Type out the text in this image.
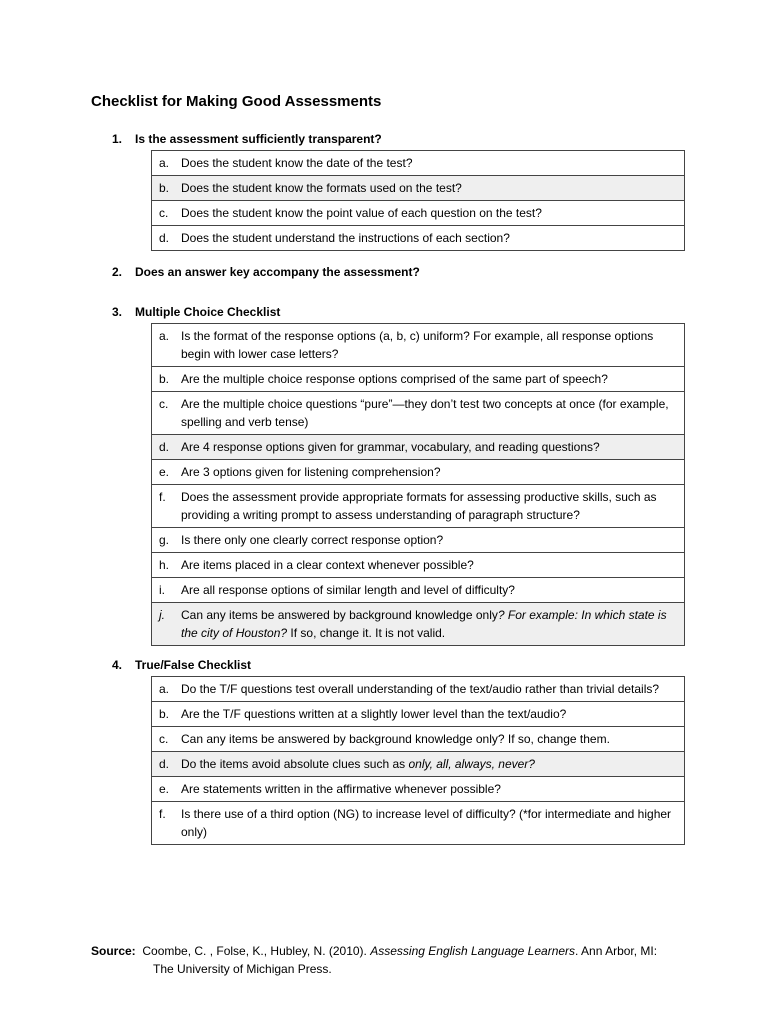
Checklist for Making Good Assessments
1.	Is the assessment sufficiently transparent?
a.	Does the student know the date of the test?
b.	Does the student know the formats used on the test?
c.	Does the student know the point value of each question on the test?
d.	Does the student understand the instructions of each section?
2.	Does an answer key accompany the assessment?
3.	Multiple Choice Checklist
a.	Is the format of the response options (a, b, c) uniform? For example, all response options begin with lower case letters?
b.	Are the multiple choice response options comprised of the same part of speech?
c.	Are the multiple choice questions “pure”—they don’t test two concepts at once (for example, spelling and verb tense)
d.	Are 4 response options given for grammar, vocabulary, and reading questions?
e.	Are 3 options given for listening comprehension?
f.	Does the assessment provide appropriate formats for assessing productive skills, such as providing a writing prompt to assess understanding of paragraph structure?
g.	Is there only one clearly correct response option?
h.	Are items placed in a clear context whenever possible?
i.	Are all response options of similar length and level of difficulty?
j.	Can any items be answered by background knowledge only? For example: In which state is the city of Houston? If so, change it. It is not valid.
4.	True/False Checklist
a.	Do the T/F questions test overall understanding of the text/audio rather than trivial details?
b.	Are the T/F questions written at a slightly lower level than the text/audio?
c.	Can any items be answered by background knowledge only? If so, change them.
d.	Do the items avoid absolute clues such as only, all, always, never?
e.	Are statements written in the affirmative whenever possible?
f.	Is there use of a third option (NG) to increase level of difficulty? (*for intermediate and higher only)
Source: Coombe, C. , Folse, K., Hubley, N. (2010). Assessing English Language Learners. Ann Arbor, MI:
The University of Michigan Press.
